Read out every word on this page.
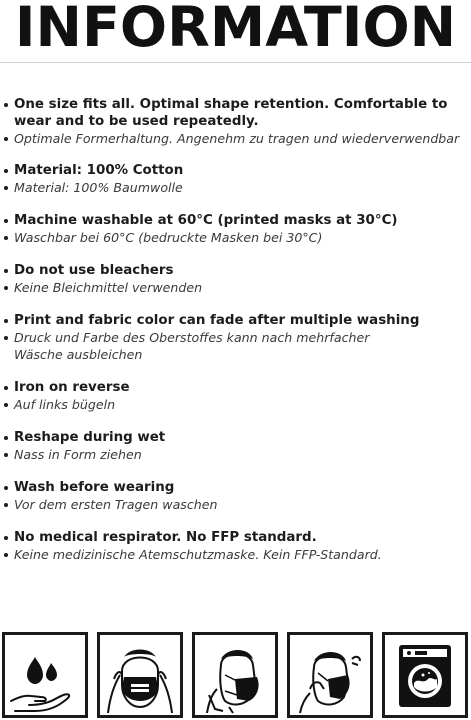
INFORMATION
One size fits all. Optimal shape retention. Comfortable to wear and to be used repeatedly.
Optimale Formerhaltung. Angenehm zu tragen und wiederverwendbar
Material: 100% Cotton
Material: 100% Baumwolle
Machine washable at 60°C (printed masks at 30°C)
Waschbar bei 60°C (bedruckte Masken bei 30°C)
Do not use bleachers
Keine Bleichmittel verwenden
Print and fabric color can fade after multiple washing
Druck und Farbe des Oberstoffes kann nach mehrfacher Wäsche ausbleichen
Iron on reverse
Auf links bügeln
Reshape during wet
Nass in Form ziehen
Wash before wearing
Vor dem ersten Tragen waschen
No medical respirator. No FFP standard.
Keine medizinische Atemschutzmaske. Kein FFP-Standard.
